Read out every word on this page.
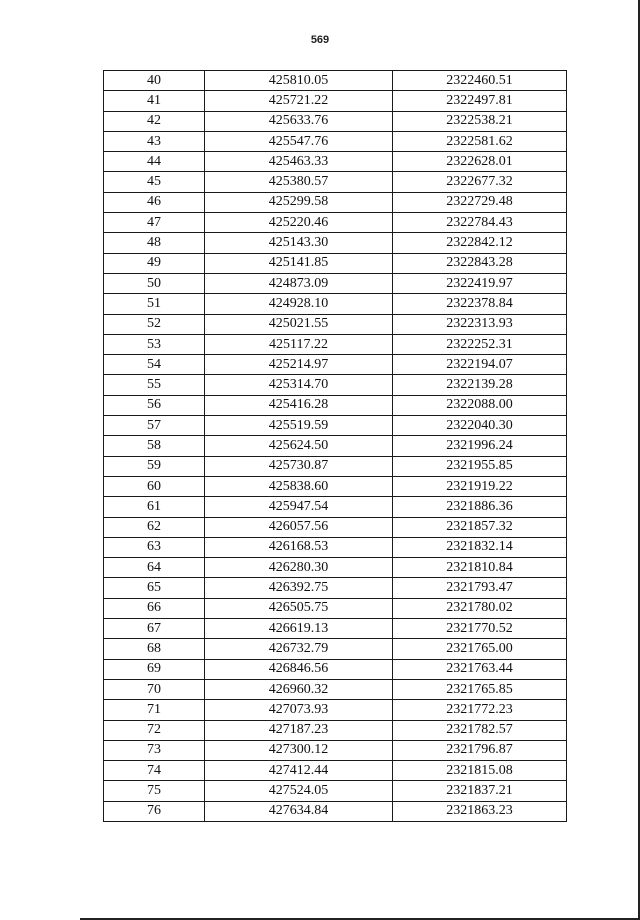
569
40	425810.05	2322460.51
41	425721.22	2322497.81
42	425633.76	2322538.21
43	425547.76	2322581.62
44	425463.33	2322628.01
45	425380.57	2322677.32
46	425299.58	2322729.48
47	425220.46	2322784.43
48	425143.30	2322842.12
49	425141.85	2322843.28
50	424873.09	2322419.97
51	424928.10	2322378.84
52	425021.55	2322313.93
53	425117.22	2322252.31
54	425214.97	2322194.07
55	425314.70	2322139.28
56	425416.28	2322088.00
57	425519.59	2322040.30
58	425624.50	2321996.24
59	425730.87	2321955.85
60	425838.60	2321919.22
61	425947.54	2321886.36
62	426057.56	2321857.32
63	426168.53	2321832.14
64	426280.30	2321810.84
65	426392.75	2321793.47
66	426505.75	2321780.02
67	426619.13	2321770.52
68	426732.79	2321765.00
69	426846.56	2321763.44
70	426960.32	2321765.85
71	427073.93	2321772.23
72	427187.23	2321782.57
73	427300.12	2321796.87
74	427412.44	2321815.08
75	427524.05	2321837.21
76	427634.84	2321863.23
